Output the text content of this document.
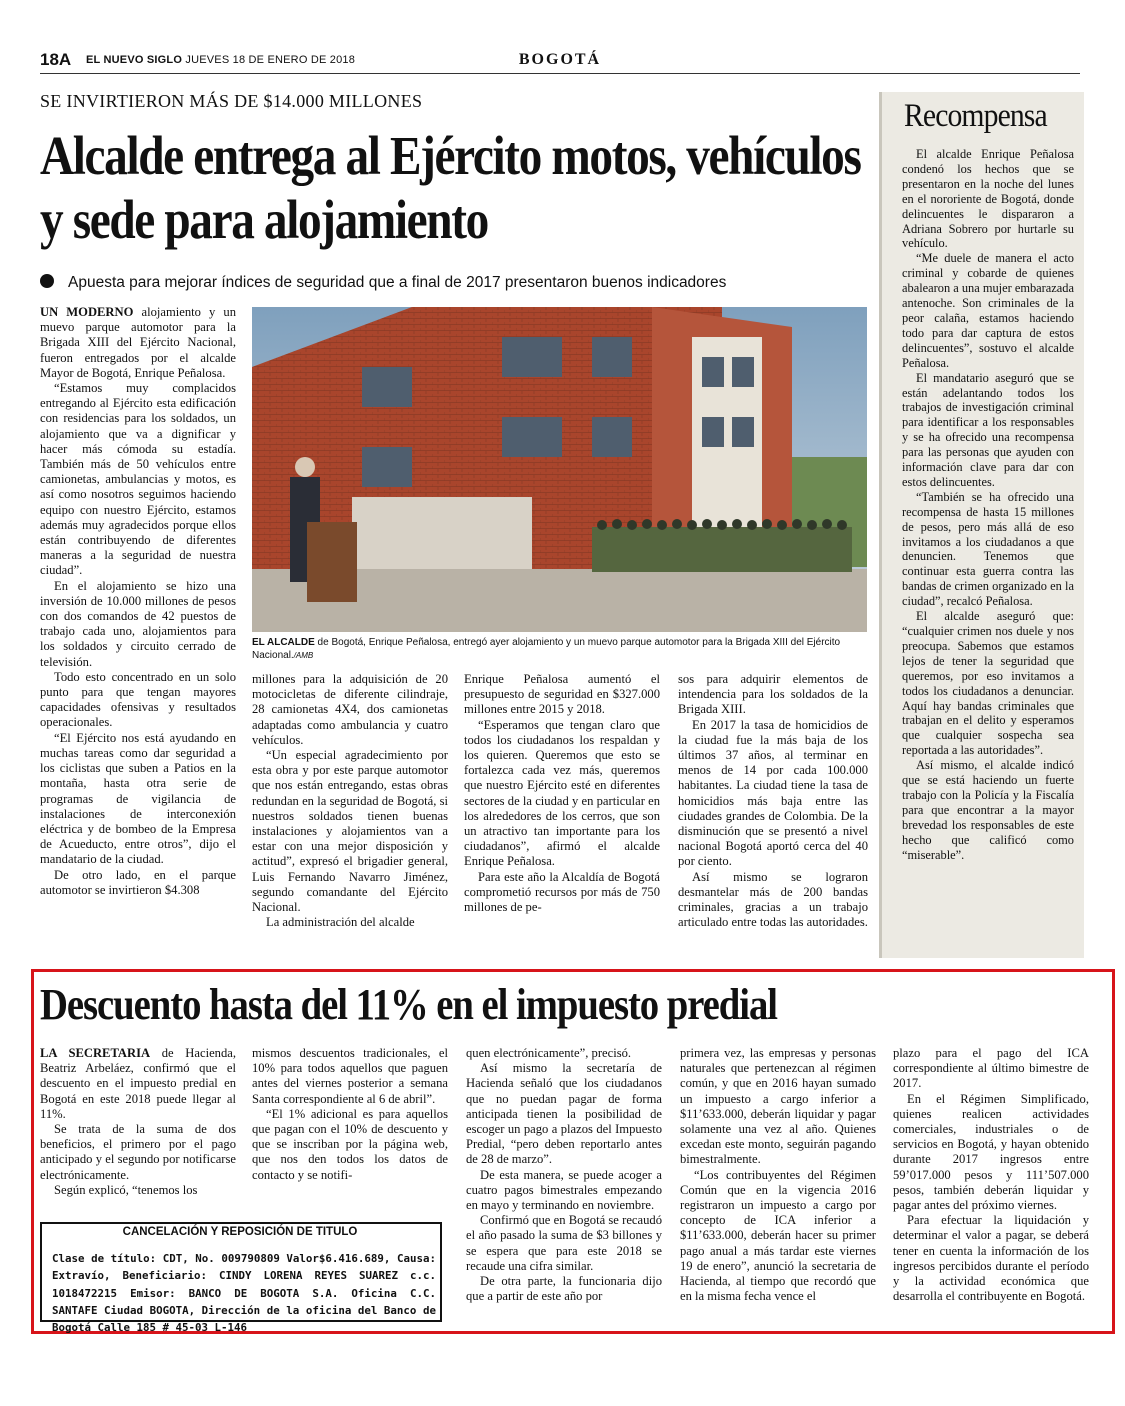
18A EL NUEVO SIGLO JUEVES 18 DE ENERO DE 2018	BOGOTÁ
SE INVIRTIERON MÁS DE $14.000 MILLONES
Alcalde entrega al Ejército motos, vehículos y sede para alojamiento
Apuesta para mejorar índices de seguridad que a final de 2017 presentaron buenos indicadores

UN MODERNO alojamiento y un muevo parque automotor para la Brigada XIII del Ejército Nacional, fueron entregados por el alcalde Mayor de Bogotá, Enrique Peñalosa.

“Estamos muy complacidos entregando al Ejército esta edificación con residencias para los soldados, un alojamiento que va a dignificar y hacer más cómoda su estadía. También más de 50 vehículos entre camionetas, ambulancias y motos, es así como nosotros seguimos haciendo equipo con nuestro Ejército, estamos además muy agradecidos porque ellos están contribuyendo de diferentes maneras a la seguridad de nuestra ciudad”.

En el alojamiento se hizo una inversión de 10.000 millones de pesos con dos comandos de 42 puestos de trabajo cada uno, alojamientos para los soldados y circuito cerrado de televisión.

Todo esto concentrado en un solo punto para que tengan mayores capacidades ofensivas y resultados operacionales.

“El Ejército nos está ayudando en muchas tareas como dar seguridad a los ciclistas que suben a Patios en la montaña, hasta otra serie de programas de vigilancia de instalaciones de interconexión eléctrica y de bombeo de la Empresa de Acueducto, entre otros”, dijo el mandatario de la ciudad.

De otro lado, en el parque automotor se invirtieron $4.308

EL ALCALDE de Bogotá, Enrique Peñalosa, entregó ayer alojamiento y un muevo parque automotor para la Brigada XIII del Ejército Nacional./AMB

millones para la adquisición de 20 motocicletas de diferente cilindraje, 28 camionetas 4X4, dos camionetas adaptadas como ambulancia y cuatro vehículos.

“Un especial agradecimiento por esta obra y por este parque automotor que nos están entregando, estas obras redundan en la seguridad de Bogotá, si nuestros soldados tienen buenas instalaciones y alojamientos van a estar con una mejor disposición y actitud”, expresó el brigadier general, Luis Fernando Navarro Jiménez, segundo comandante del Ejército Nacional.

La administración del alcalde

Enrique Peñalosa aumentó el presupuesto de seguridad en $327.000 millones entre 2015 y 2018.

“Esperamos que tengan claro que todos los ciudadanos los respaldan y los quieren. Queremos que esto se fortalezca cada vez más, queremos que nuestro Ejército esté en diferentes sectores de la ciudad y en particular en los alrededores de los cerros, que son un atractivo tan importante para los ciudadanos”, afirmó el alcalde Enrique Peñalosa.

Para este año la Alcaldía de Bogotá comprometió recursos por más de 750 millones de pe-

sos para adquirir elementos de intendencia para los soldados de la Brigada XIII.

En 2017 la tasa de homicidios de la ciudad fue la más baja de los últimos 37 años, al terminar en menos de 14 por cada 100.000 habitantes. La ciudad tiene la tasa de homicidios más baja entre las ciudades grandes de Colombia. De la disminución que se presentó a nivel nacional Bogotá aportó cerca del 40 por ciento.

Así mismo se lograron desmantelar más de 200 bandas criminales, gracias a un trabajo articulado entre todas las autoridades.

Recompensa

El alcalde Enrique Peñalosa condenó los hechos que se presentaron en la noche del lunes en el nororiente de Bogotá, donde delincuentes le dispararon a Adriana Sobrero por hurtarle su vehículo.

“Me duele de manera el acto criminal y cobarde de quienes abalearon a una mujer embarazada antenoche. Son criminales de la peor calaña, estamos haciendo todo para dar captura de estos delincuentes”, sostuvo el alcalde Peñalosa.

El mandatario aseguró que se están adelantando todos los trabajos de investigación criminal para identificar a los responsables y se ha ofrecido una recompensa para las personas que ayuden con información clave para dar con estos delincuentes.

“También se ha ofrecido una recompensa de hasta 15 millones de pesos, pero más allá de eso invitamos a los ciudadanos a que denuncien. Tenemos que continuar esta guerra contra las bandas de crimen organizado en la ciudad”, recalcó Peñalosa.

El alcalde aseguró que: “cualquier crimen nos duele y nos preocupa. Sabemos que estamos lejos de tener la seguridad que queremos, por eso invitamos a todos los ciudadanos a denunciar. Aquí hay bandas criminales que trabajan en el delito y esperamos que cualquier sospecha sea reportada a las autoridades”.

Así mismo, el alcalde indicó que se está haciendo un fuerte trabajo con la Policía y la Fiscalía para que encontrar a la mayor brevedad los responsables de este hecho que calificó como “miserable”.

Descuento hasta del 11% en el impuesto predial

LA SECRETARIA de Hacienda, Beatriz Arbeláez, confirmó que el descuento en el impuesto predial en Bogotá en este 2018 puede llegar al 11%.

Se trata de la suma de dos beneficios, el primero por el pago anticipado y el segundo por notificarse electrónicamente.

Según explicó, “tenemos los

mismos descuentos tradicionales, el 10% para todos aquellos que paguen antes del viernes posterior a semana Santa correspondiente al 6 de abril”.

“El 1% adicional es para aquellos que pagan con el 10% de descuento y que se inscriban por la página web, que nos den todos los datos de contacto y se notifi-

quen electrónicamente”, precisó.

Así mismo la secretaría de Hacienda señaló que los ciudadanos que no puedan pagar de forma anticipada tienen la posibilidad de escoger un pago a plazos del Impuesto Predial, “pero deben reportarlo antes de 28 de marzo”.

De esta manera, se puede acoger a cuatro pagos bimestrales empezando en mayo y terminando en noviembre.

Confirmó que en Bogotá se recaudó el año pasado la suma de $3 billones y se espera que para este 2018 se recaude una cifra similar.

De otra parte, la funcionaria dijo que a partir de este año por

primera vez, las empresas y personas naturales que pertenezcan al régimen común, y que en 2016 hayan sumado un impuesto a cargo inferior a $11’633.000, deberán liquidar y pagar solamente una vez al año. Quienes excedan este monto, seguirán pagando bimestralmente.

“Los contribuyentes del Régimen Común que en la vigencia 2016 registraron un impuesto a cargo por concepto de ICA inferior a $11’633.000, deberán hacer su primer pago anual a más tardar este viernes 19 de enero”, anunció la secretaria de Hacienda, al tiempo que recordó que en la misma fecha vence el

plazo para el pago del ICA correspondiente al último bimestre de 2017.

En el Régimen Simplificado, quienes realicen actividades comerciales, industriales o de servicios en Bogotá, y hayan obtenido durante 2017 ingresos entre 59’017.000 pesos y 111’507.000 pesos, también deberán liquidar y pagar antes del próximo viernes.

Para efectuar la liquidación y determinar el valor a pagar, se deberá tener en cuenta la información de los ingresos percibidos durante el período y la actividad económica que desarrolla el contribuyente en Bogotá.

CANCELACIÓN Y REPOSICIÓN DE TITULO
Clase de título: CDT, No. 009790809 Valor$6.416.689, Causa: Extravío, Beneficiario: CINDY LORENA REYES SUAREZ c.c. 1018472215 Emisor: BANCO DE BOGOTA S.A. Oficina C.C. SANTAFE Ciudad BOGOTA, Dirección de la oficina del Banco de Bogotá Calle 185 # 45-03 L-146
